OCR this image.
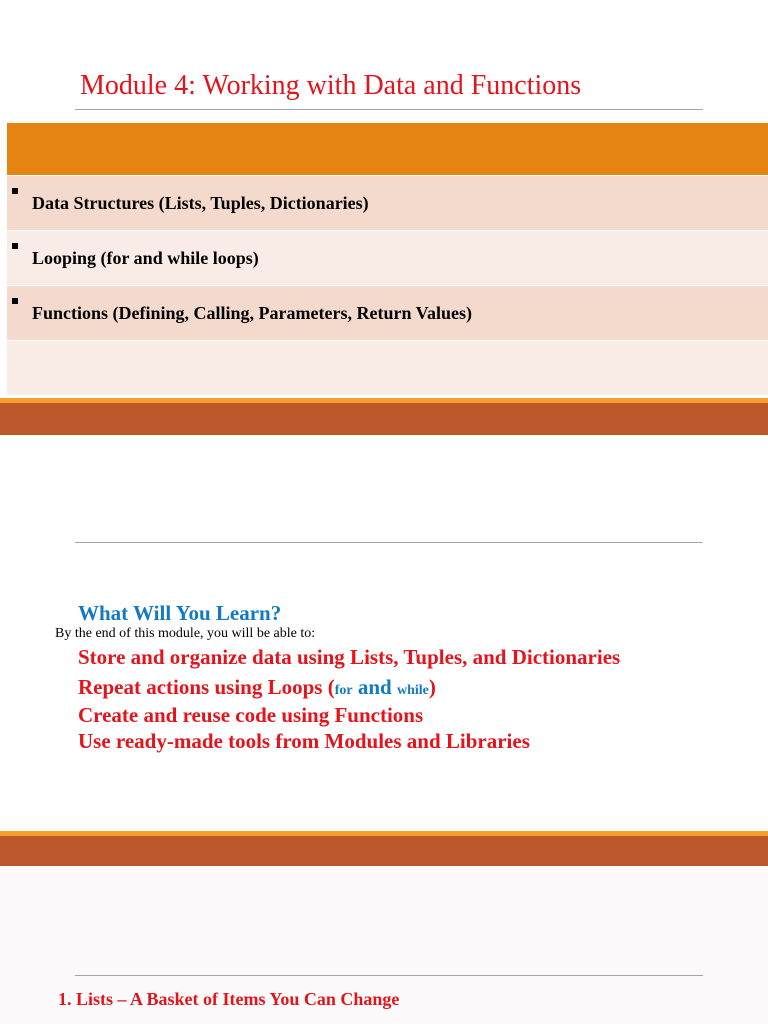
Module 4: Working with Data and Functions
Data Structures (Lists, Tuples, Dictionaries)
Looping (for and while loops)
Functions (Defining, Calling, Parameters, Return Values)
What Will You Learn?
By the end of this module, you will be able to:
Store and organize data using Lists, Tuples, and Dictionaries
Repeat actions using Loops (for and while)
Create and reuse code using Functions
Use ready-made tools from Modules and Libraries
1. Lists – A Basket of Items You Can Change
